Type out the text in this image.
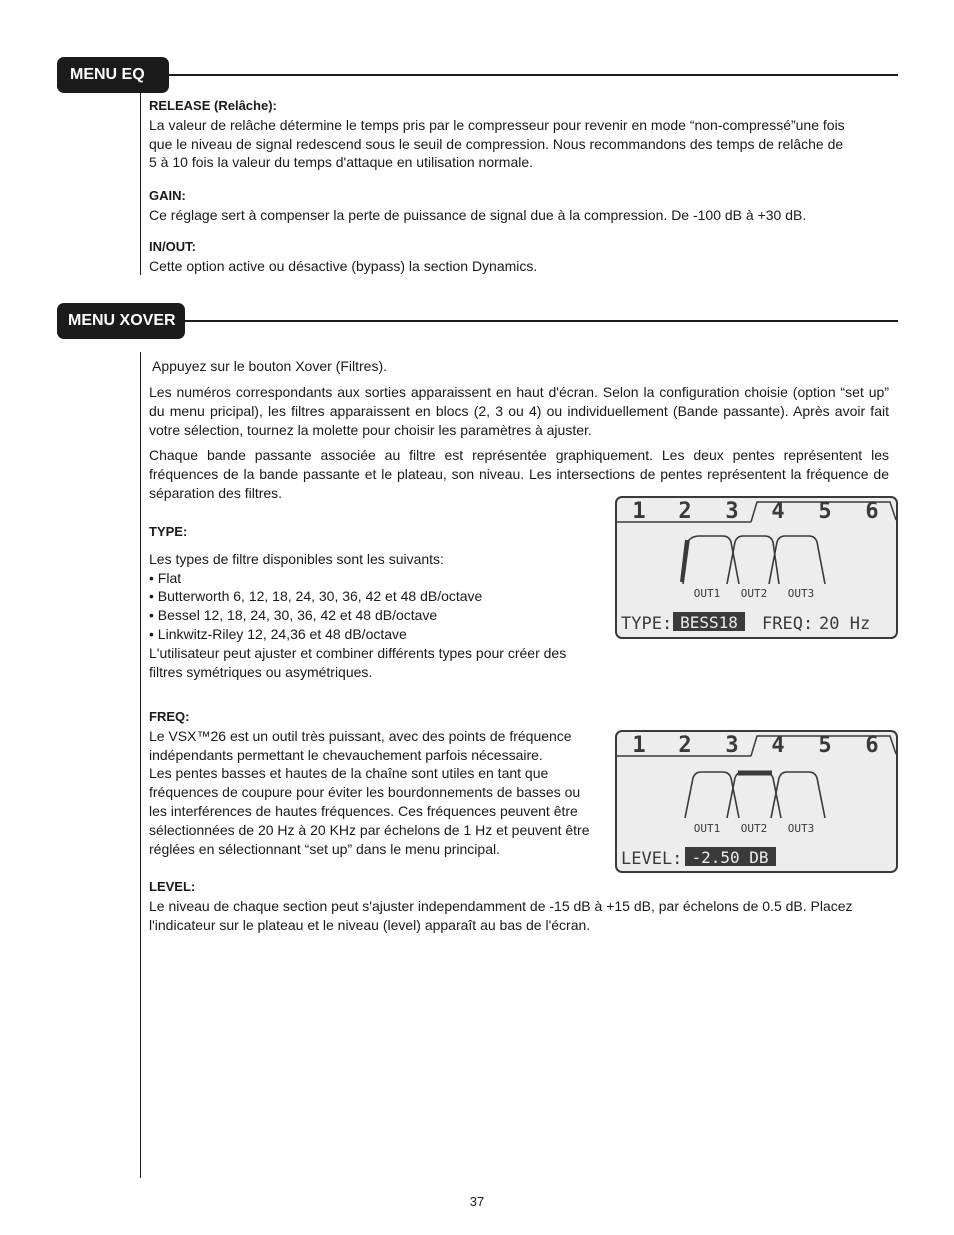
MENU EQ
RELEASE (Relâche):
La valeur de relâche détermine le temps pris par le compresseur pour revenir en mode “non-compressé”une fois
que le niveau de signal redescend sous le seuil de compression. Nous recommandons des temps de relâche de
5 à 10 fois la valeur du temps d'attaque en utilisation normale.
GAIN:
Ce réglage sert à compenser la perte de puissance de signal due à la compression. De -100 dB à +30 dB.
IN/OUT:
Cette option active ou désactive (bypass) la section Dynamics.
MENU XOVER
Appuyez sur le bouton Xover (Filtres).
Les numéros correspondants aux sorties apparaissent en haut d'écran. Selon la configuration choisie (option “set up” du menu pricipal), les filtres apparaissent en blocs (2, 3 ou 4) ou individuellement (Bande passante). Après avoir fait votre sélection, tournez la molette pour choisir les paramètres à ajuster.
Chaque bande passante associée au filtre est représentée graphiquement. Les deux pentes représentent les fréquences de la bande passante et le plateau, son niveau. Les intersections de pentes représentent la fréquence de séparation des filtres.
TYPE:
Les types de filtre disponibles sont les suivants:
• Flat
• Butterworth 6, 12, 18, 24, 30, 36, 42 et 48 dB/octave
• Bessel 12, 18, 24, 30, 36, 42 et 48 dB/octave
• Linkwitz-Riley 12, 24,36 et 48 dB/octave
L'utilisateur peut ajuster et combiner différents types pour créer des
filtres symétriques ou asymétriques.
FREQ:
Le VSX™26 est un outil très puissant, avec des points de fréquence
indépendants permettant le chevauchement parfois nécessaire.
Les pentes basses et hautes de la chaîne sont utiles en tant que
fréquences de coupure pour éviter les bourdonnements de basses ou
les interférences de hautes fréquences. Ces fréquences peuvent être
sélectionnées de 20 Hz à 20 KHz par échelons de 1 Hz et peuvent être
réglées en sélectionnant “set up” dans le menu principal.
LEVEL:
Le niveau de chaque section peut s'ajuster independamment de -15 dB à +15 dB, par échelons de 0.5 dB. Placez
l'indicateur sur le plateau et le niveau (level) apparaît au bas de l'écran.
1 2 3 4 5 6
OUT1 OUT2 OUT3
TYPE: BESS18 FREQ: 20 Hz
1 2 3 4 5 6
OUT1 OUT2 OUT3
LEVEL: -2.50 DB
37
